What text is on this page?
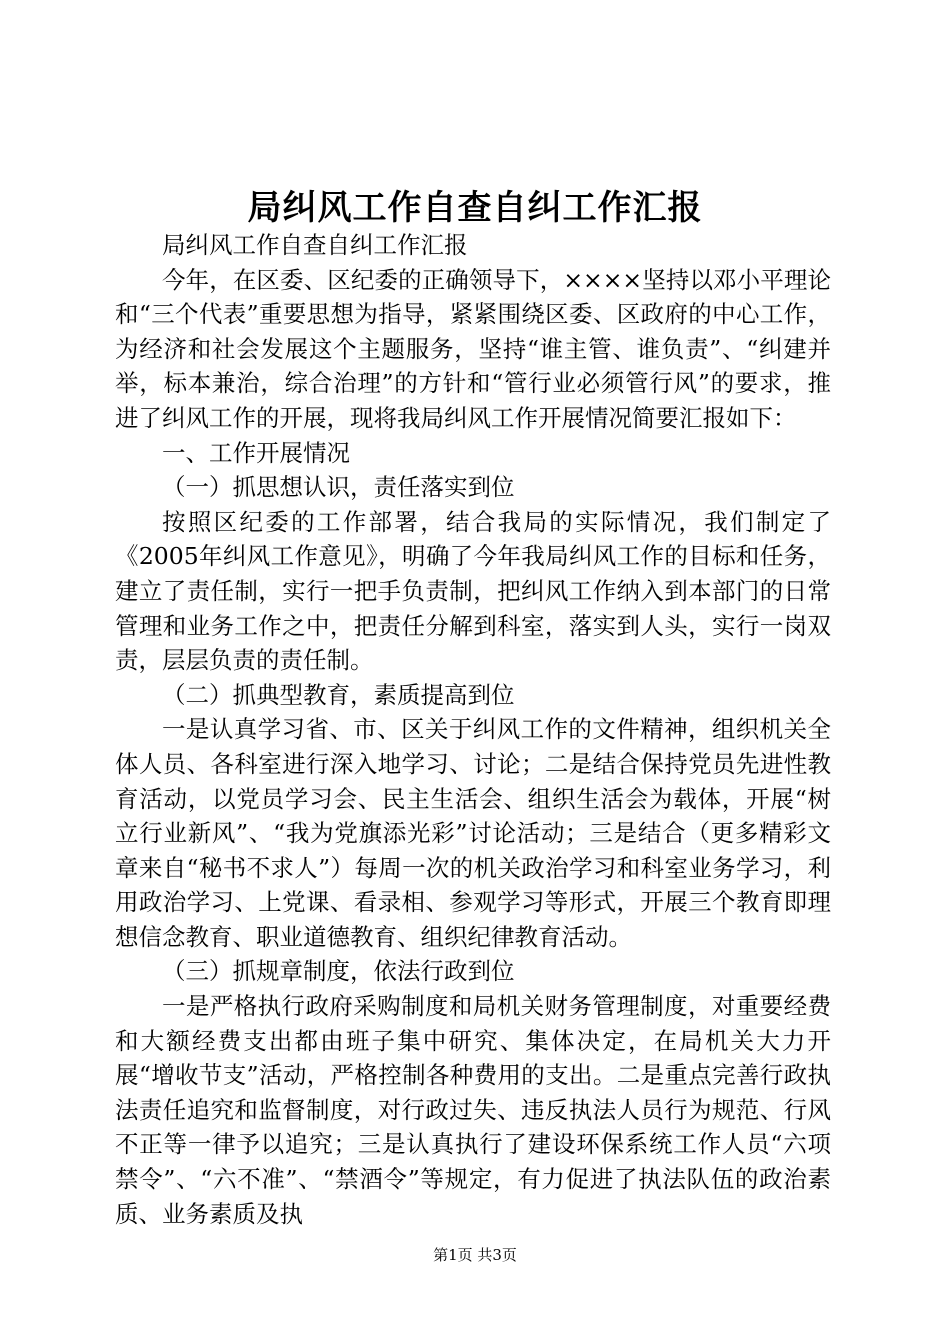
局纠风工作自查自纠工作汇报

局纠风工作自查自纠工作汇报

今年，在区委、区纪委的正确领导下，××××坚持以邓小平理论和“三个代表”重要思想为指导，紧紧围绕区委、区政府的中心工作，为经济和社会发展这个主题服务，坚持“谁主管、谁负责”、“纠建并举，标本兼治，综合治理”的方针和“管行业必须管行风”的要求，推进了纠风工作的开展，现将我局纠风工作开展情况简要汇报如下：

一、工作开展情况

（一）抓思想认识，责任落实到位

按照区纪委的工作部署，结合我局的实际情况，我们制定了《2005年纠风工作意见》，明确了今年我局纠风工作的目标和任务，建立了责任制，实行一把手负责制，把纠风工作纳入到本部门的日常管理和业务工作之中，把责任分解到科室，落实到人头，实行一岗双责，层层负责的责任制。

（二）抓典型教育，素质提高到位

一是认真学习省、市、区关于纠风工作的文件精神，组织机关全体人员、各科室进行深入地学习、讨论；二是结合保持党员先进性教育活动，以党员学习会、民主生活会、组织生活会为载体，开展“树立行业新风”、“我为党旗添光彩”讨论活动；三是结合（更多精彩文章来自“秘书不求人”）每周一次的机关政治学习和科室业务学习，利用政治学习、上党课、看录相、参观学习等形式，开展三个教育即理想信念教育、职业道德教育、组织纪律教育活动。

（三）抓规章制度，依法行政到位

一是严格执行政府采购制度和局机关财务管理制度，对重要经费和大额经费支出都由班子集中研究、集体决定，在局机关大力开展“增收节支”活动，严格控制各种费用的支出。二是重点完善行政执法责任追究和监督制度，对行政过失、违反执法人员行为规范、行风不正等一律予以追究；三是认真执行了建设环保系统工作人员“六项禁令”、“六不准”、“禁酒令”等规定，有力促进了执法队伍的政治素质、业务素质及执

第1页 共3页
